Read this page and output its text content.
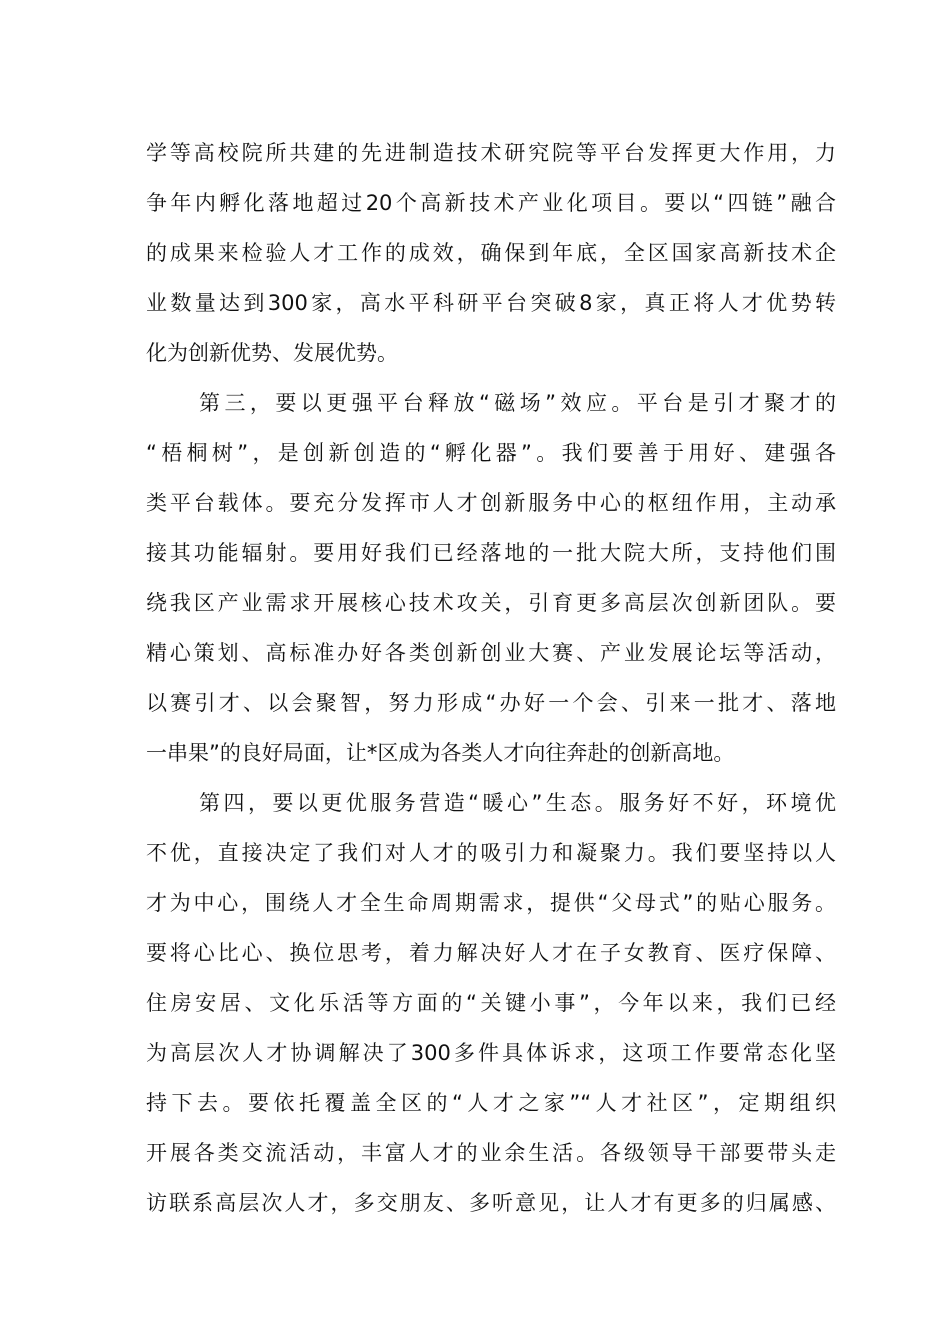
学等高校院所共建的先进制造技术研究院等平台发挥更大作用，力
争年内孵化落地超过20个高新技术产业化项目。要以“四链”融合
的成果来检验人才工作的成效，确保到年底，全区国家高新技术企
业数量达到300家，高水平科研平台突破8家，真正将人才优势转
化为创新优势、发展优势。
第三，要以更强平台释放“磁场”效应。平台是引才聚才的
“梧桐树”，是创新创造的“孵化器”。我们要善于用好、建强各
类平台载体。要充分发挥市人才创新服务中心的枢纽作用，主动承
接其功能辐射。要用好我们已经落地的一批大院大所，支持他们围
绕我区产业需求开展核心技术攻关，引育更多高层次创新团队。要
精心策划、高标准办好各类创新创业大赛、产业发展论坛等活动，
以赛引才、以会聚智，努力形成“办好一个会、引来一批才、落地
一串果”的良好局面，让*区成为各类人才向往奔赴的创新高地。
第四，要以更优服务营造“暖心”生态。服务好不好，环境优
不优，直接决定了我们对人才的吸引力和凝聚力。我们要坚持以人
才为中心，围绕人才全生命周期需求，提供“父母式”的贴心服务。
要将心比心、换位思考，着力解决好人才在子女教育、医疗保障、
住房安居、文化乐活等方面的“关键小事”，今年以来，我们已经
为高层次人才协调解决了300多件具体诉求，这项工作要常态化坚
持下去。要依托覆盖全区的“人才之家”“人才社区”，定期组织
开展各类交流活动，丰富人才的业余生活。各级领导干部要带头走
访联系高层次人才，多交朋友、多听意见，让人才有更多的归属感、
